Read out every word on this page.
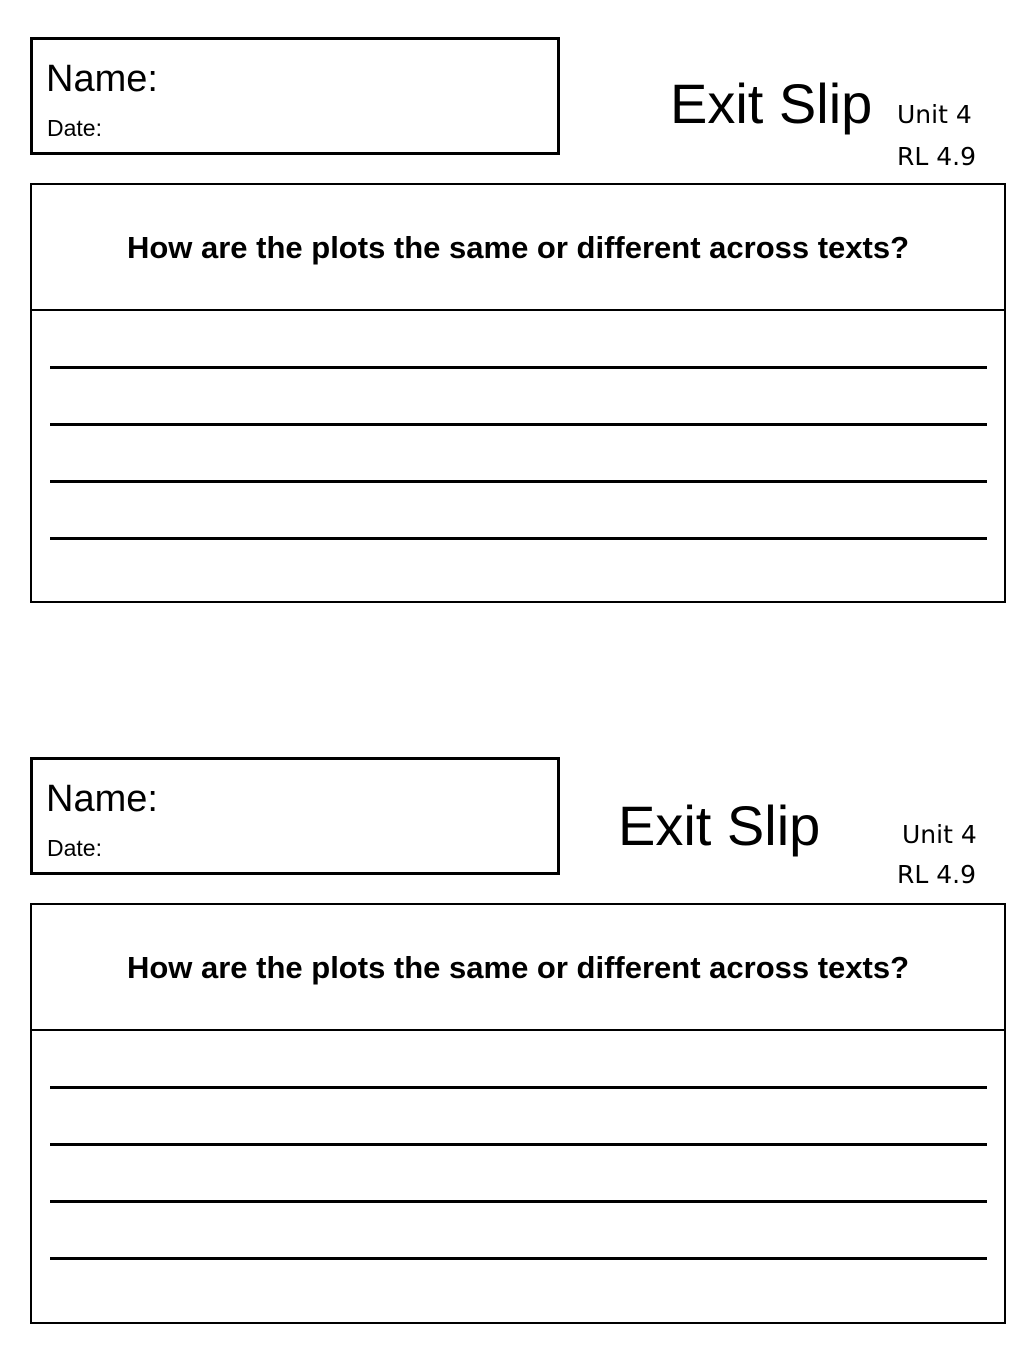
Name:
Date:	Exit Slip Unit 4
RL 4.9
How are the plots the same or different across texts?
Name:
Date:	Exit Slip	Unit 4
RL 4.9
How are the plots the same or different across texts?
